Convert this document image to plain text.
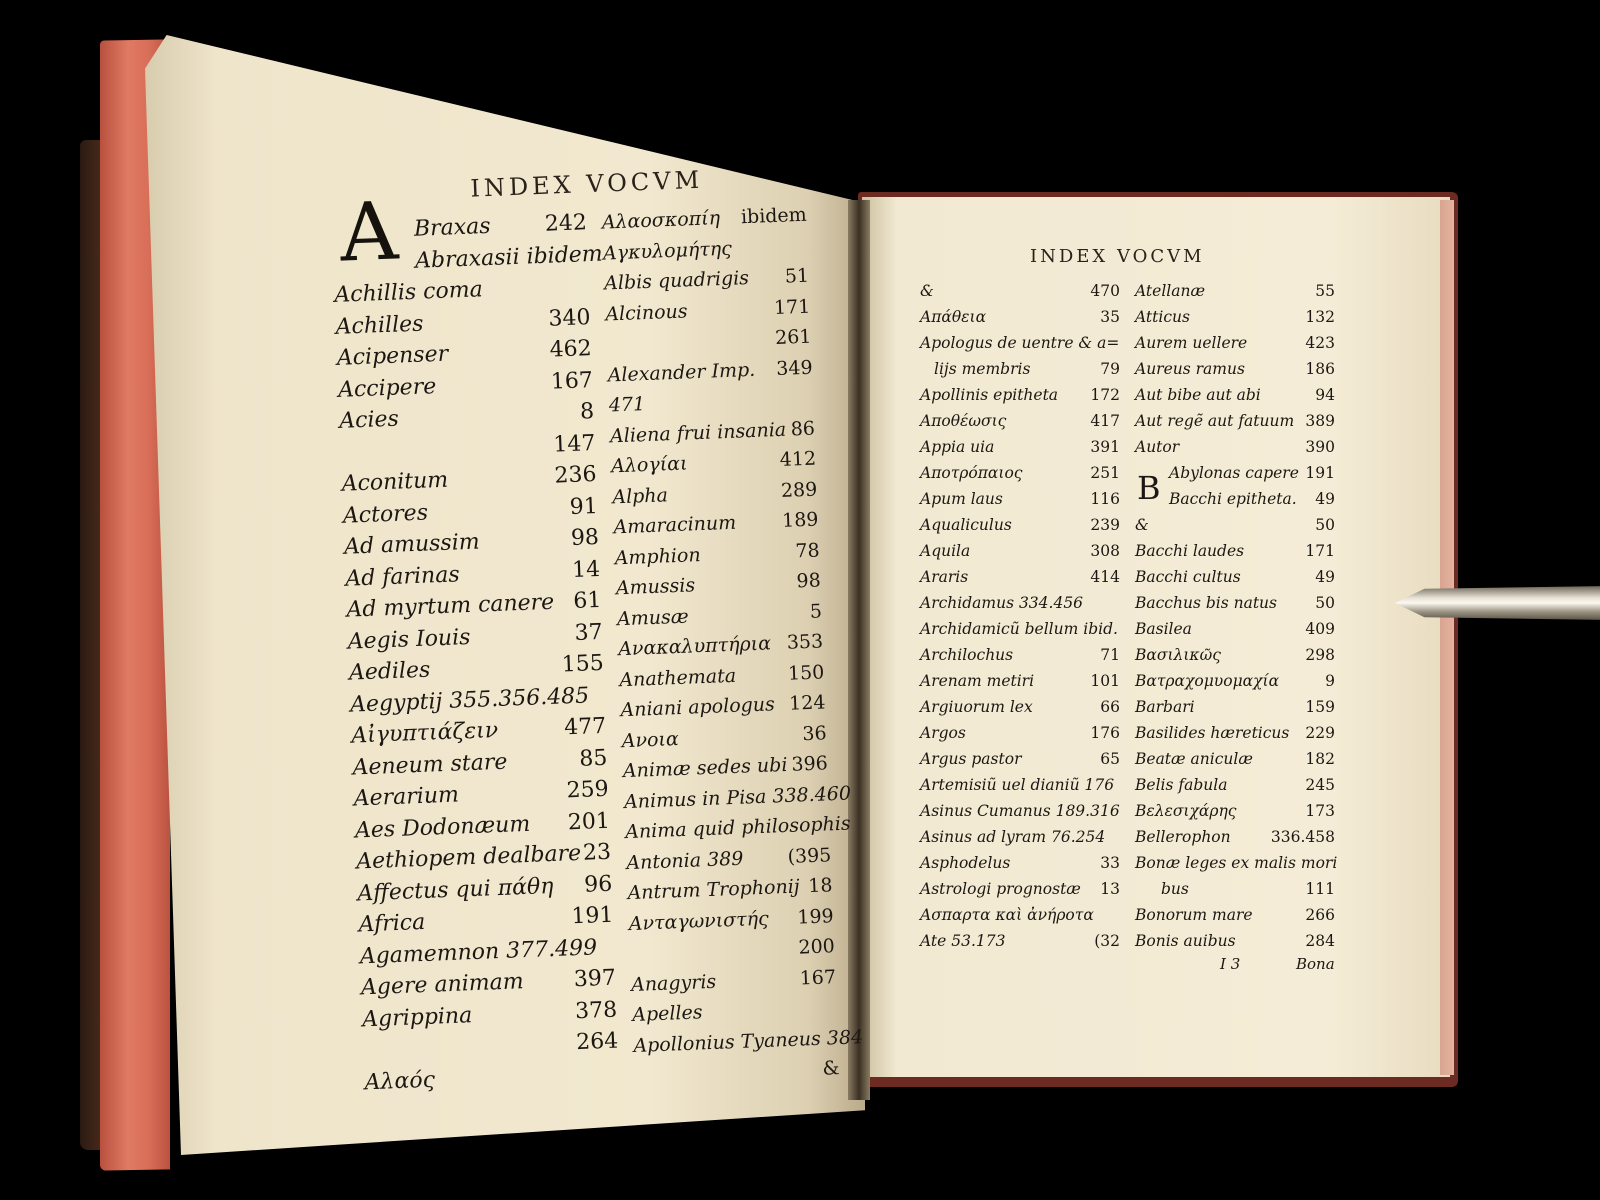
INDEX VOCVM
A Braxas 242
Abraxasii ibidem
Achillis coma
Achilles	340
Acipenser	462
Accipere	167
Acies	8
147
Aconitum	236
Actores	91
Ad amussim	98
Ad farinas	14
Ad myrtum canere 61
Aegis Iouis	37
Aediles	155
Aegyptij 355.356.485
Αἰγυπτιάζειν	477
Aeneum stare	85
Aerarium	259
Aes Dodonæum 201
Aethiopem dealbare 23
Affectus qui πάθη 96
Africa	191
Agamemnon 377.499
Agere animam 397
Agrippina	378
264
Αλαός
Αλαοσκοπίη ibidem
Αγκυλομήτης
Albis quadrigis 51
Alcinous	171
261
Alexander Imp. 349
471
Aliena frui insania 86
Αλογίαι	412
Alpha	289
Amaracinum 189
Amphion	78
Amussis	98
Amusæ	5
Ανακαλυπτήρια 353
Anathemata	150
Aniani apologus 124
Ανοια	36
Animæ sedes ubi 396
Animus in Pisa 338.460
Anima quid philosophis
Antonia 389 (395
Antrum Trophonij 18
Ανταγωνιστής 199
200
Anagyris	167
Apelles
Apollonius Tyaneus 384
&
INDEX VOCVM
&	470
Απάθεια	35
Apologus de uentre & a=
lijs membris	79
Apollinis epitheta 172
Αποθέωσις	417
Appia uia	391
Αποτρόπαιος	251
Apum laus	116
Aqualiculus	239
Aquila	308
Araris	414
Archidamus 334.456
Archidamicũ bellum ibid.
Archilochus	71
Arenam metiri	101
Argiuorum lex	66
Argos	176
Argus pastor	65
Artemisiũ uel dianiũ 176
Asinus Cumanus 189.316
Asinus ad lyram 76.254
Asphodelus	33
Astrologi prognostæ 13
Ασπαρτα καὶ ἀνήροτα
Ate 53.173	(32
Atellanæ	55
Atticus	132
Aurem uellere	423
Aureus ramus	186
Aut bibe aut abi	94
Aut regẽ aut fatuum 389
Autor	390
Abylonas capere 191
Bacchi epitheta. 49
&	50
Bacchi laudes	171
Bacchi cultus	49
Bacchus bis natus 50
Basilea	409
Βασιλικῶς	298
Βατραχομυομαχία	9
Barbari	159
Basilides hæreticus 229
Beatæ aniculæ	182
Belis fabula	245
Βελεσιχάρης	173
Bellerophon	336.458
Bonæ leges ex malis mori
bus	111
Bonorum mare	266
Bonis auibus	284
B
I 3	Bona
